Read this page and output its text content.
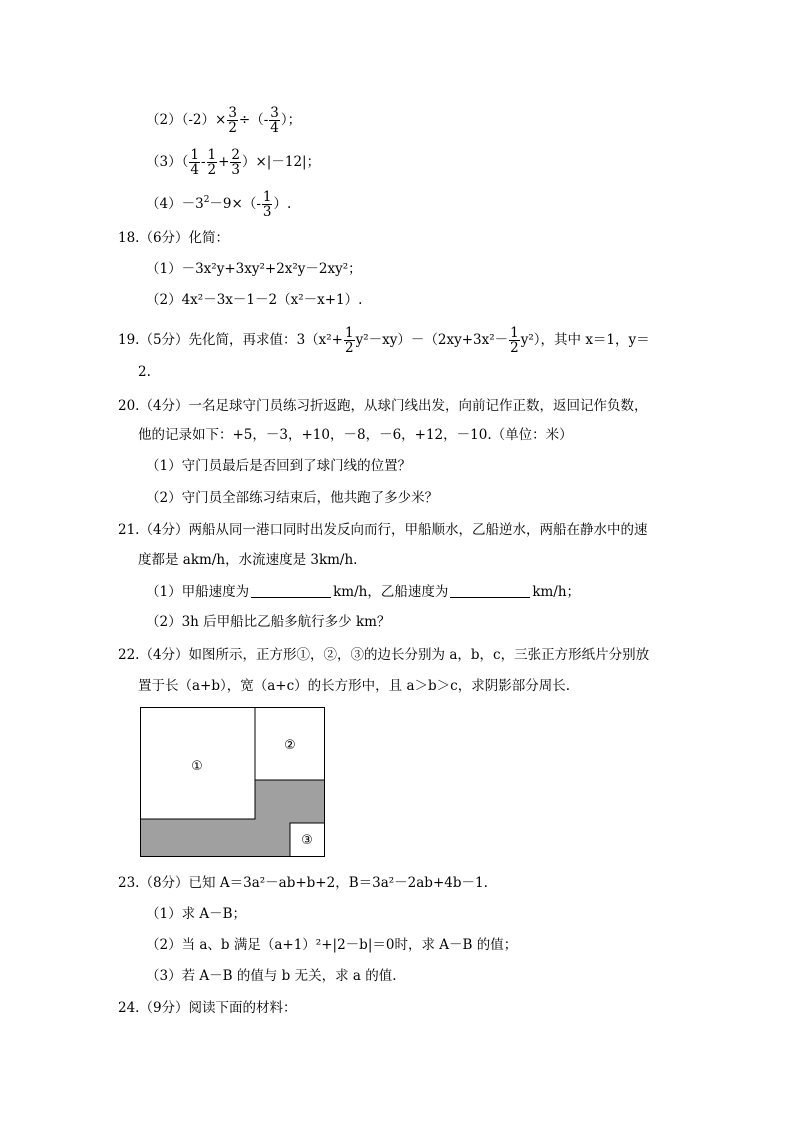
$(2)(-2)\times \frac{3}{2}$ ÷（- $\frac{3}{4}$ ）；
$(3)( \frac{1}{4} - \frac{1}{2} + \frac{2}{3} )\times|-12|$；
$(4)-3^2-9\times(- \frac{1}{3}$ ）.
18.（6分）化简：
（1）－3x²y+3xy²+2x²y－2xy²；
（2）4x²－3x－1－2（x²－x+1）.
19.（5分）先化简，再求值：$3(x^2+ \frac{1}{2} y^2-xy)-(2xy+3x^2- \frac{1}{2} y^2)$，其中 x＝1，y＝
2.
20.（4分）一名足球守门员练习折返跑，从球门线出发，向前记作正数，返回记作负数，
他的记录如下：+5，－3，+10，－8，－6，+12，－10.（单位：米）
（1）守门员最后是否回到了球门线的位置？
（2）守门员全部练习结束后，他共跑了多少米？
21.（4分）两船从同一港口同时出发反向而行，甲船顺水，乙船逆水，两船在静水中的速
度都是 akm/h，水流速度是 3km/h.
（1）甲船速度为	km/h，乙船速度为	km/h；
（2）3h 后甲船比乙船多航行多少 km？
22.（4分）如图所示，正方形①，②，③的边长分别为 a，b，c，三张正方形纸片分别放
置于长（a+b），宽（a+c）的长方形中，且 a＞b＞c，求阴影部分周长.
①
②
③
23.（8分）已知 A＝3a²－ab+b+2，B＝3a²－2ab+4b－1.
（1）求 A－B；
（2）当 a、b 满足（a+1）²+|2－b|＝0时，求 A－B 的值；
（3）若 A－B 的值与 b 无关，求 a 的值.
24.（9分）阅读下面的材料：
